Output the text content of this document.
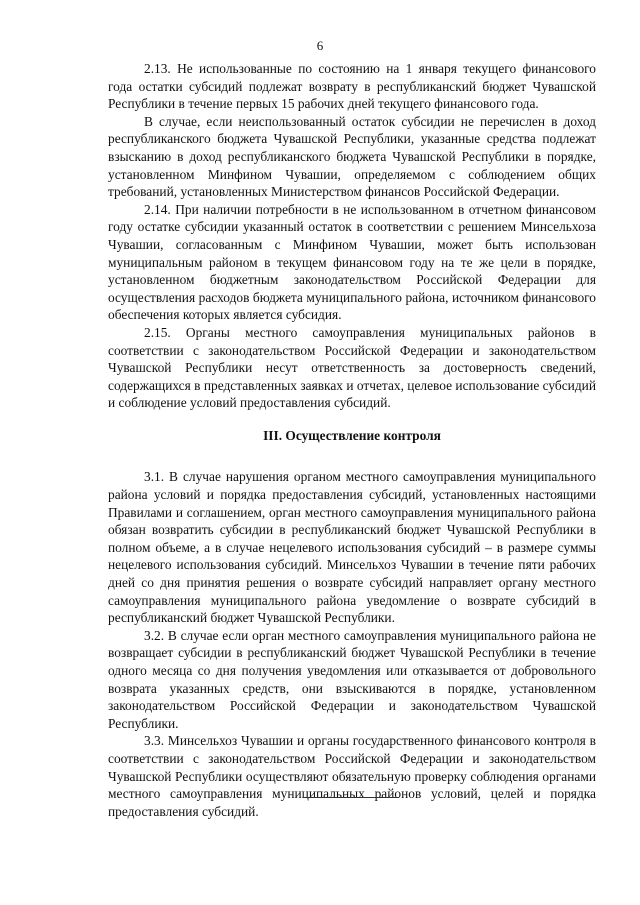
6

2.13. Не использованные по состоянию на 1 января текущего финансового года остатки субсидий подлежат возврату в республиканский бюджет Чувашской Республики в течение первых 15 рабочих дней текущего финансового года.

В случае, если неиспользованный остаток субсидии не перечислен в доход республиканского бюджета Чувашской Республики, указанные средства подлежат взысканию в доход республиканского бюджета Чувашской Республики в порядке, установленном Минфином Чувашии, определяемом с соблюдением общих требований, установленных Министерством финансов Российской Федерации.

2.14. При наличии потребности в не использованном в отчетном финансовом году остатке субсидии указанный остаток в соответствии с решением Минсельхоза Чувашии, согласованным с Минфином Чувашии, может быть использован муниципальным районом в текущем финансовом году на те же цели в порядке, установленном бюджетным законодательством Российской Федерации для осуществления расходов бюджета муниципального района, источником финансового обеспечения которых является субсидия.

2.15. Органы местного самоуправления муниципальных районов в соответствии с законодательством Российской Федерации и законодательством Чувашской Республики несут ответственность за достоверность сведений, содержащихся в представленных заявках и отчетах, целевое использование субсидий и соблюдение условий предоставления субсидий.

III. Осуществление контроля

3.1. В случае нарушения органом местного самоуправления муниципального района условий и порядка предоставления субсидий, установленных настоящими Правилами и соглашением, орган местного самоуправления муниципального района обязан возвратить субсидии в республиканский бюджет Чувашской Республики в полном объеме, а в случае нецелевого использования субсидий – в размере суммы нецелевого использования субсидий. Минсельхоз Чувашии в течение пяти рабочих дней со дня принятия решения о возврате субсидий направляет органу местного самоуправления муниципального района уведомление о возврате субсидий в республиканский бюджет Чувашской Республики.

3.2. В случае если орган местного самоуправления муниципального района не возвращает субсидии в республиканский бюджет Чувашской Республики в течение одного месяца со дня получения уведомления или отказывается от добровольного возврата указанных средств, они взыскиваются в порядке, установленном законодательством Российской Федерации и законодательством Чувашской Республики.

3.3. Минсельхоз Чувашии и органы государственного финансового контроля в соответствии с законодательством Российской Федерации и законодательством Чувашской Республики осуществляют обязательную проверку соблюдения органами местного самоуправления муниципальных районов условий, целей и порядка предоставления субсидий.
